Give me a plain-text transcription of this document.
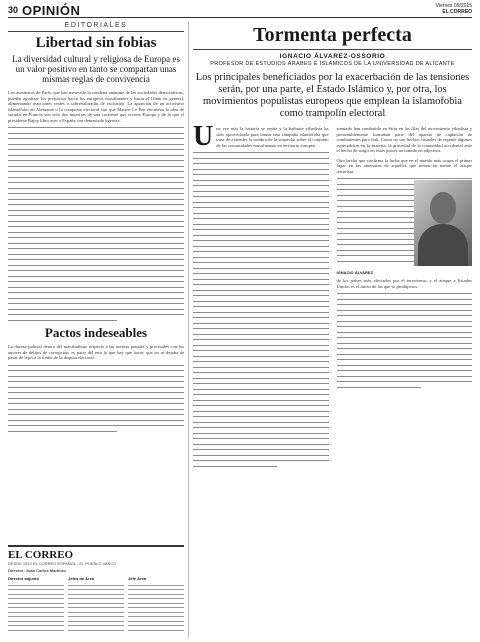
30 OPINIÓN	Viernes 09/2015
EL CORREO
EDITORIALES
Libertad sin fobias
La diversidad cultural y religiosa de Europa es un valor positivo en tanto se compartan unas mismas reglas de convivencia

Los asesinatos de París, que han merecido la condena unánime de las sociedades democráticas, pueden agudizar los prejuicios hacia los europeos musulmanes y hacia el Islam en general, alimentando reacciones reales o sobrevaloradas de exclusión. La aparición de un activismo islamófobo en Alemania o la conquista electoral con que Marine Le Pen encabeza la idea de sacudir en Francia son solo dos muestras de una corriente que recorre Europa y de la que el presidente Rajoy libró ayer a España con demasiada ligereza.

Pactos indeseables

La dureza judicial dentro del macabrabuto respecto a las normas penales y procesales con los autores de delitos de corrupción, es parte del reto lo que hay que hacer, que no se dejaba de pasar de lejos a la frente de la disputa electoral.

EL CORREO
DESDE 1910 EL CORREO ESPAÑOL - EL PUEBLO VASCO
Director: Juan Carlos Martínez
Director adjunto	Jefes de Área	Jefe Área
Tormenta perfecta
IGNACIO ÁLVAREZ-OSSORIO
PROFESOR DE ESTUDIOS ÁRABES E ISLÁMICOS DE LA UNIVERSIDAD DE ALICANTE
Los principales beneficiados por la exacerbación de las tensiones serán, por una parte, el Estado Islámico y, por otra, los movimientos populistas europeos que emplean la islamofobia como trampolín electoral
U na vez más la historia se repite y la barbarie yihadista ha sido aprovechada para lanzar una campaña islamófoba que trata de extender la sombra de la sospecha sobre el conjunto de las comunidades musulmanas en territorio europeo.

atentado han combatido en Siria en las filas del movimiento yihadista y presumiblemente formaban parte del aparato de captación de combatientes para Irak. Como no son hechos casuales de repente algunos especialistas en la materia, la gravedad de la comunidad accidental ante el hecho de surgir en estos países no tratado en adjetivos.

Otro hecho que confirma la lucha que en el mundo más ocupa el primer lugar en las amenazas de aquellos que tienen en mente el ataque terrorista.

IGNACIO ÁLVAREZ

de los países más afectados por el terrorismo, y el ataque a Estados Unidos es el inicio de las que se produjeron.
